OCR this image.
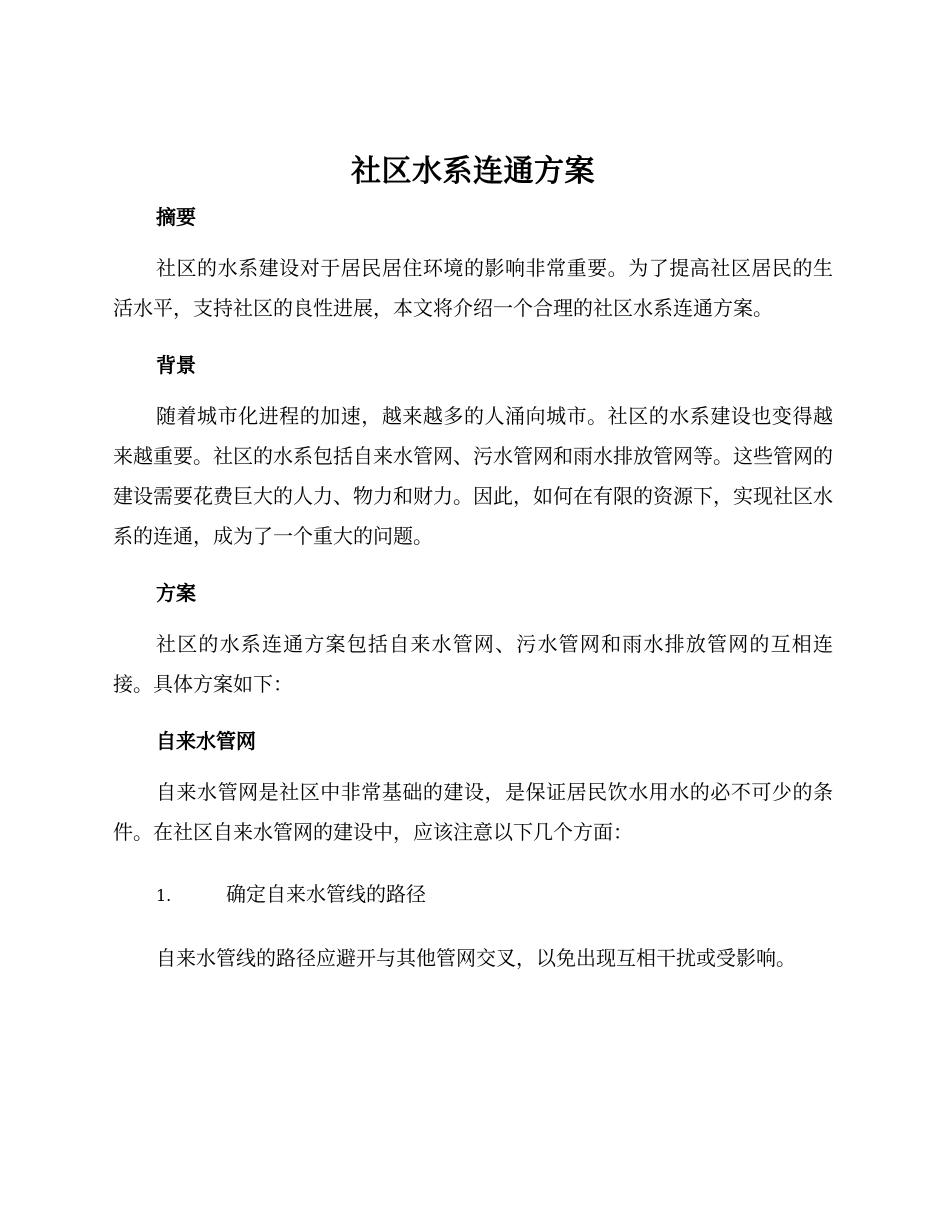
社区水系连通方案
摘要

社区的水系建设对于居民居住环境的影响非常重要。为了提高社区居民的生活水平，支持社区的良性进展，本文将介绍一个合理的社区水系连通方案。

背景

随着城市化进程的加速，越来越多的人涌向城市。社区的水系建设也变得越来越重要。社区的水系包括自来水管网、污水管网和雨水排放管网等。这些管网的建设需要花费巨大的人力、物力和财力。因此，如何在有限的资源下，实现社区水系的连通，成为了一个重大的问题。

方案

社区的水系连通方案包括自来水管网、污水管网和雨水排放管网的互相连接。具体方案如下：

自来水管网

自来水管网是社区中非常基础的建设，是保证居民饮水用水的必不可少的条件。在社区自来水管网的建设中，应该注意以下几个方面：

1.	确定自来水管线的路径

自来水管线的路径应避开与其他管网交叉，以免出现互相干扰或受影响。
